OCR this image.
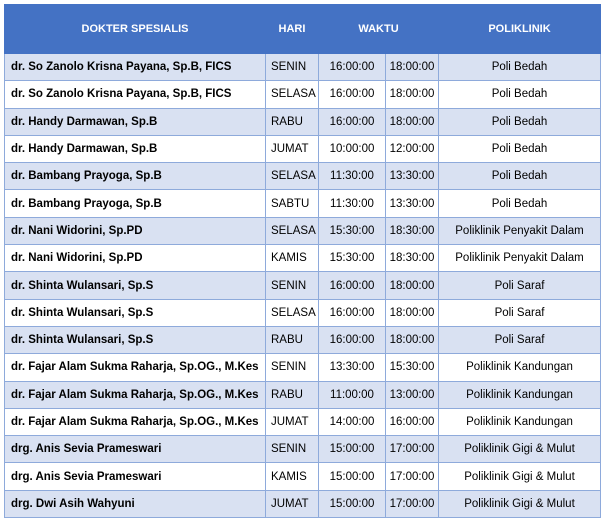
DOKTER SPESIALIS	HARI	WAKTU		POLIKLINIK
dr. So Zanolo Krisna Payana, Sp.B, FICS	SENIN	16:00:00	18:00:00	Poli Bedah
dr. So Zanolo Krisna Payana, Sp.B, FICS	SELASA	16:00:00	18:00:00	Poli Bedah
dr. Handy Darmawan, Sp.B	RABU	16:00:00	18:00:00	Poli Bedah
dr. Handy Darmawan, Sp.B	JUMAT	10:00:00	12:00:00	Poli Bedah
dr. Bambang Prayoga, Sp.B	SELASA	11:30:00	13:30:00	Poli Bedah
dr. Bambang Prayoga, Sp.B	SABTU	11:30:00	13:30:00	Poli Bedah
dr. Nani Widorini, Sp.PD	SELASA	15:30:00	18:30:00	Poliklinik Penyakit Dalam
dr. Nani Widorini, Sp.PD	KAMIS	15:30:00	18:30:00	Poliklinik Penyakit Dalam
dr. Shinta Wulansari, Sp.S	SENIN	16:00:00	18:00:00	Poli Saraf
dr. Shinta Wulansari, Sp.S	SELASA	16:00:00	18:00:00	Poli Saraf
dr. Shinta Wulansari, Sp.S	RABU	16:00:00	18:00:00	Poli Saraf
dr. Fajar Alam Sukma Raharja, Sp.OG., M.Kes	SENIN	13:30:00	15:30:00	Poliklinik Kandungan
dr. Fajar Alam Sukma Raharja, Sp.OG., M.Kes	RABU	11:00:00	13:00:00	Poliklinik Kandungan
dr. Fajar Alam Sukma Raharja, Sp.OG., M.Kes	JUMAT	14:00:00	16:00:00	Poliklinik Kandungan
drg. Anis Sevia Prameswari	SENIN	15:00:00	17:00:00	Poliklinik Gigi & Mulut
drg. Anis Sevia Prameswari	KAMIS	15:00:00	17:00:00	Poliklinik Gigi & Mulut
drg. Dwi Asih Wahyuni	JUMAT	15:00:00	17:00:00	Poliklinik Gigi & Mulut
